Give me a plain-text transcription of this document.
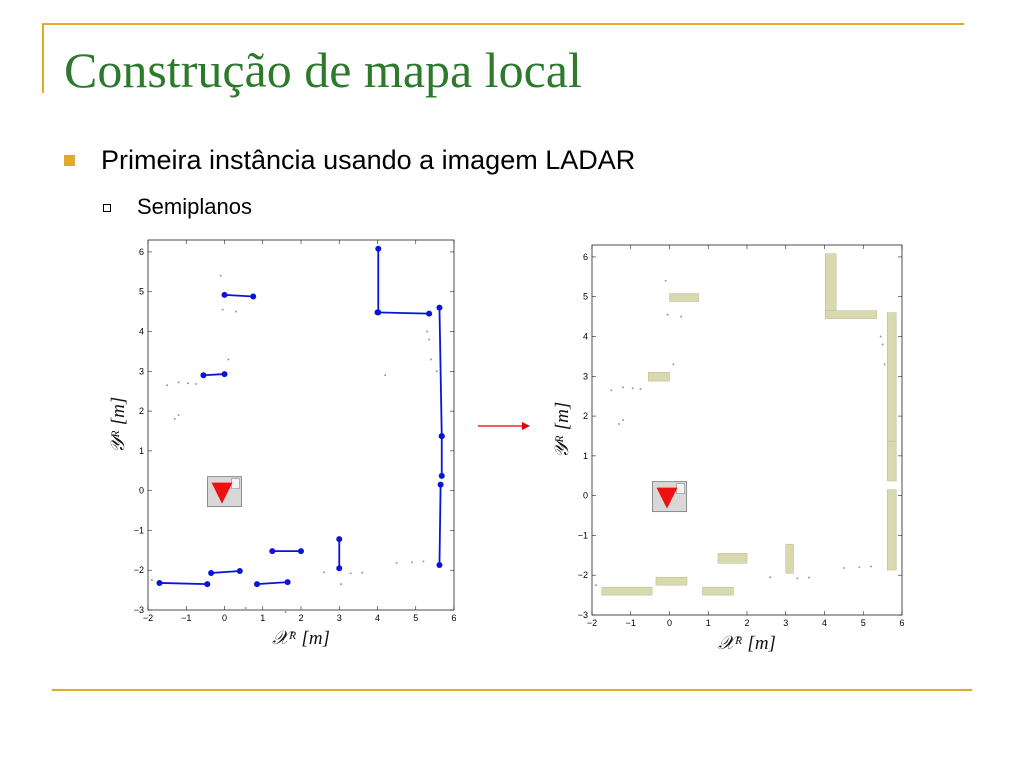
Construção de mapa local
Primeira instância usando a imagem LADAR
Semiplanos
−2	−1	0	1	2	3	4	5	6
−3
−2
−1
0
1
2
3
4
5
6
𝒳ᴿ [m]
𝒴ᴿ [m]
−2	−1	0	1	2	3	4	5	6
−3
−2
−1
0
1
2
3
4
5
6
𝒳ᴿ [m]
𝒴ᴿ [m]
